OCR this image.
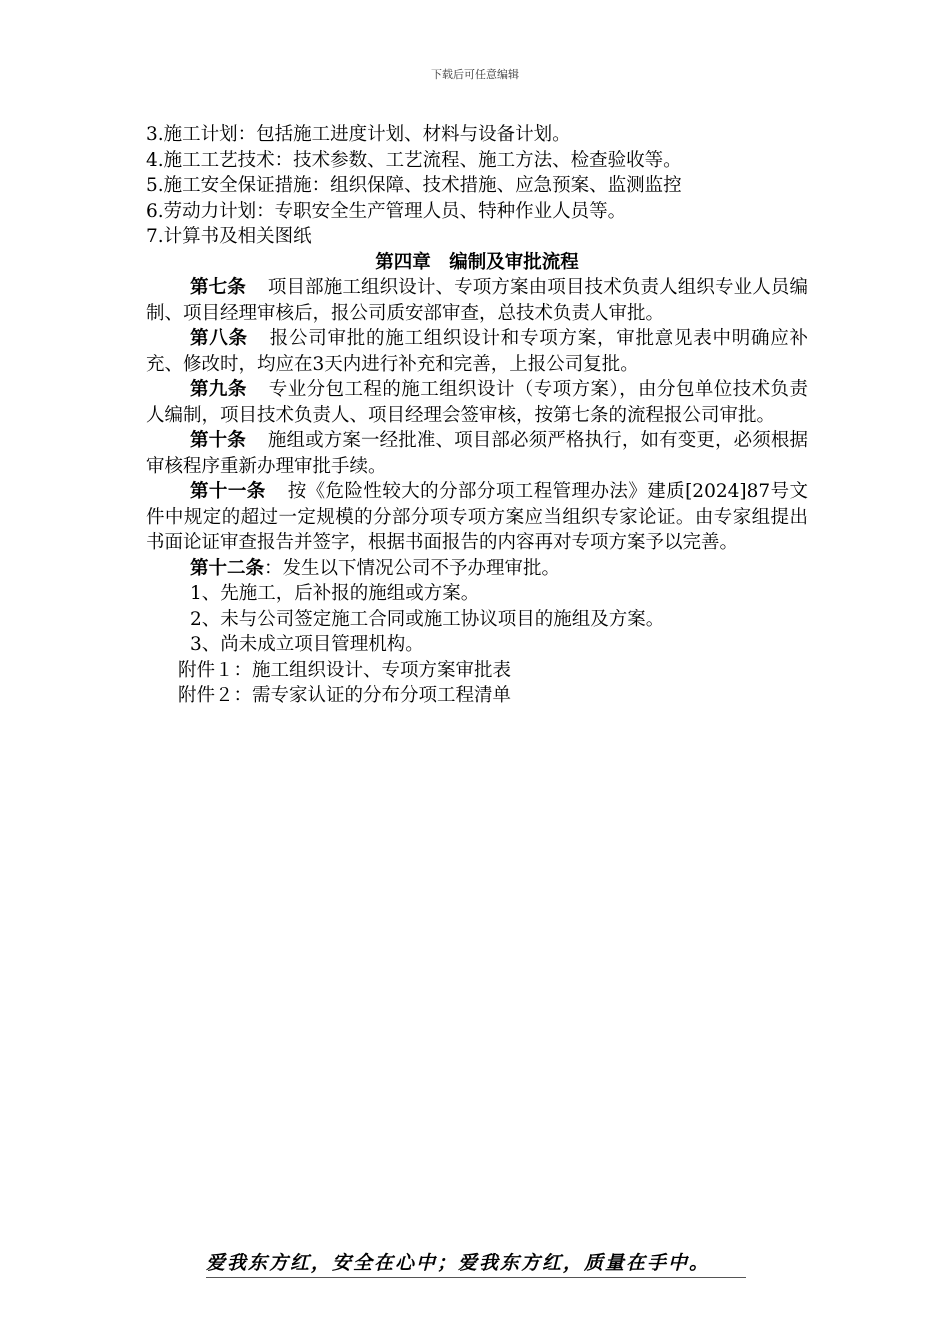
下载后可任意编辑

3.施工计划：包括施工进度计划、材料与设备计划。

4.施工工艺技术：技术参数、工艺流程、施工方法、检查验收等。

5.施工安全保证措施：组织保障、技术措施、应急预案、监测监控

6.劳动力计划：专职安全生产管理人员、特种作业人员等。

7.计算书及相关图纸

第四章　编制及审批流程

第七条 项目部施工组织设计、专项方案由项目技术负责人组织专业人员编制、项目经理审核后，报公司质安部审查，总技术负责人审批。

第八条 报公司审批的施工组织设计和专项方案，审批意见表中明确应补充、修改时，均应在3天内进行补充和完善，上报公司复批。

第九条 专业分包工程的施工组织设计（专项方案），由分包单位技术负责人编制，项目技术负责人、项目经理会签审核，按第七条的流程报公司审批。

第十条 施组或方案一经批准、项目部必须严格执行，如有变更，必须根据审核程序重新办理审批手续。

第十一条 按《危险性较大的分部分项工程管理办法》建质[2024]87号文件中规定的超过一定规模的分部分项专项方案应当组织专家论证。由专家组提出书面论证审查报告并签字，根据书面报告的内容再对专项方案予以完善。

第十二条：发生以下情况公司不予办理审批。

1、先施工，后补报的施组或方案。

2、未与公司签定施工合同或施工协议项目的施组及方案。

3、尚未成立项目管理机构。

附件１：施工组织设计、专项方案审批表

附件２：需专家认证的分布分项工程清单

爱我东方红，安全在心中；爱我东方红，质量在手中。
